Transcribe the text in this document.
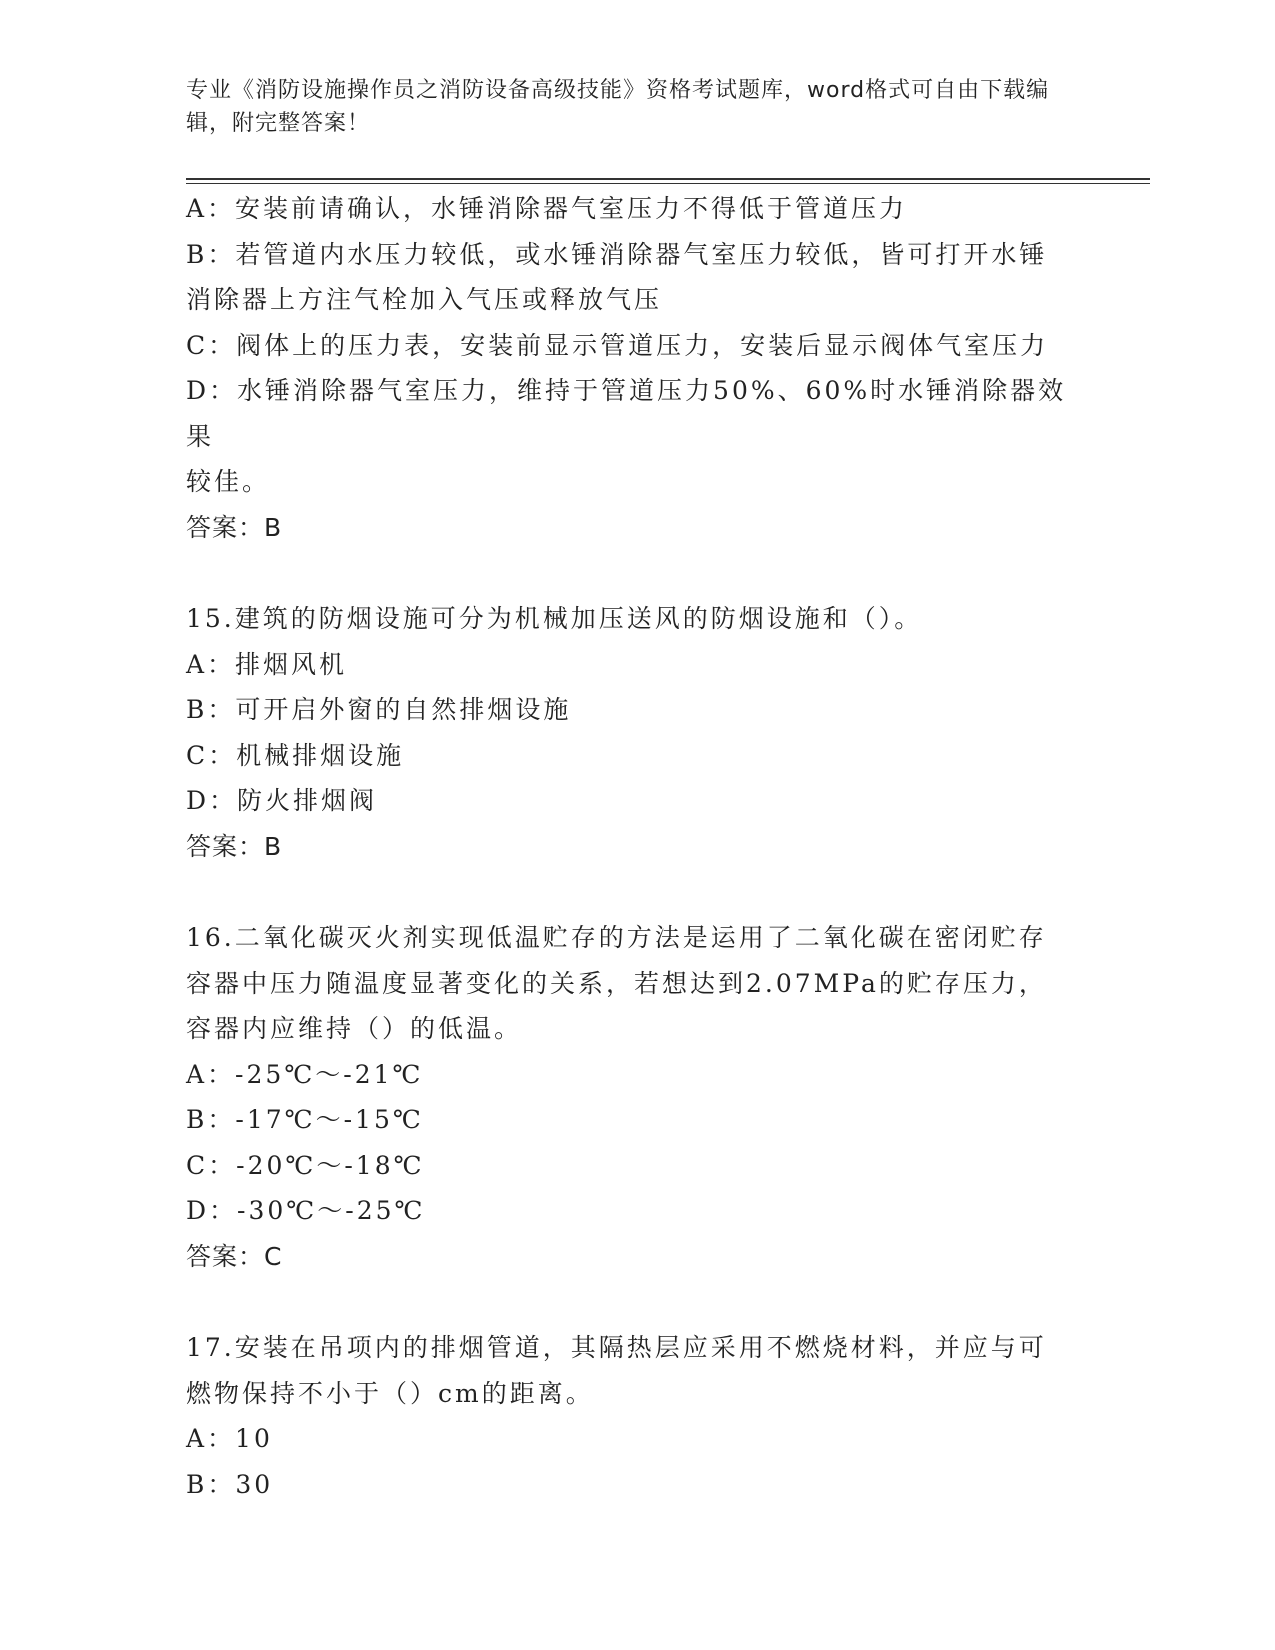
专业《消防设施操作员之消防设备高级技能》资格考试题库，word格式可自由下载编辑，附完整答案！
A：安装前请确认，水锤消除器气室压力不得低于管道压力
B：若管道内水压力较低，或水锤消除器气室压力较低，皆可打开水锤
消除器上方注气栓加入气压或释放气压
C：阀体上的压力表，安装前显示管道压力，安装后显示阀体气室压力
D：水锤消除器气室压力，维持于管道压力50%、60%时水锤消除器效果
较佳。
答案：B
15.建筑的防烟设施可分为机械加压送风的防烟设施和（）。
A：排烟风机
B：可开启外窗的自然排烟设施
C：机械排烟设施
D：防火排烟阀
答案：B
16.二氧化碳灭火剂实现低温贮存的方法是运用了二氧化碳在密闭贮存
容器中压力随温度显著变化的关系，若想达到2.07MPa的贮存压力，
容器内应维持（）的低温。
A：-25℃～-21℃
B：-17℃～-15℃
C：-20℃～-18℃
D：-30℃～-25℃
答案：C
17.安装在吊项内的排烟管道，其隔热层应采用不燃烧材料，并应与可
燃物保持不小于（）cm的距离。
A：10
B：30
